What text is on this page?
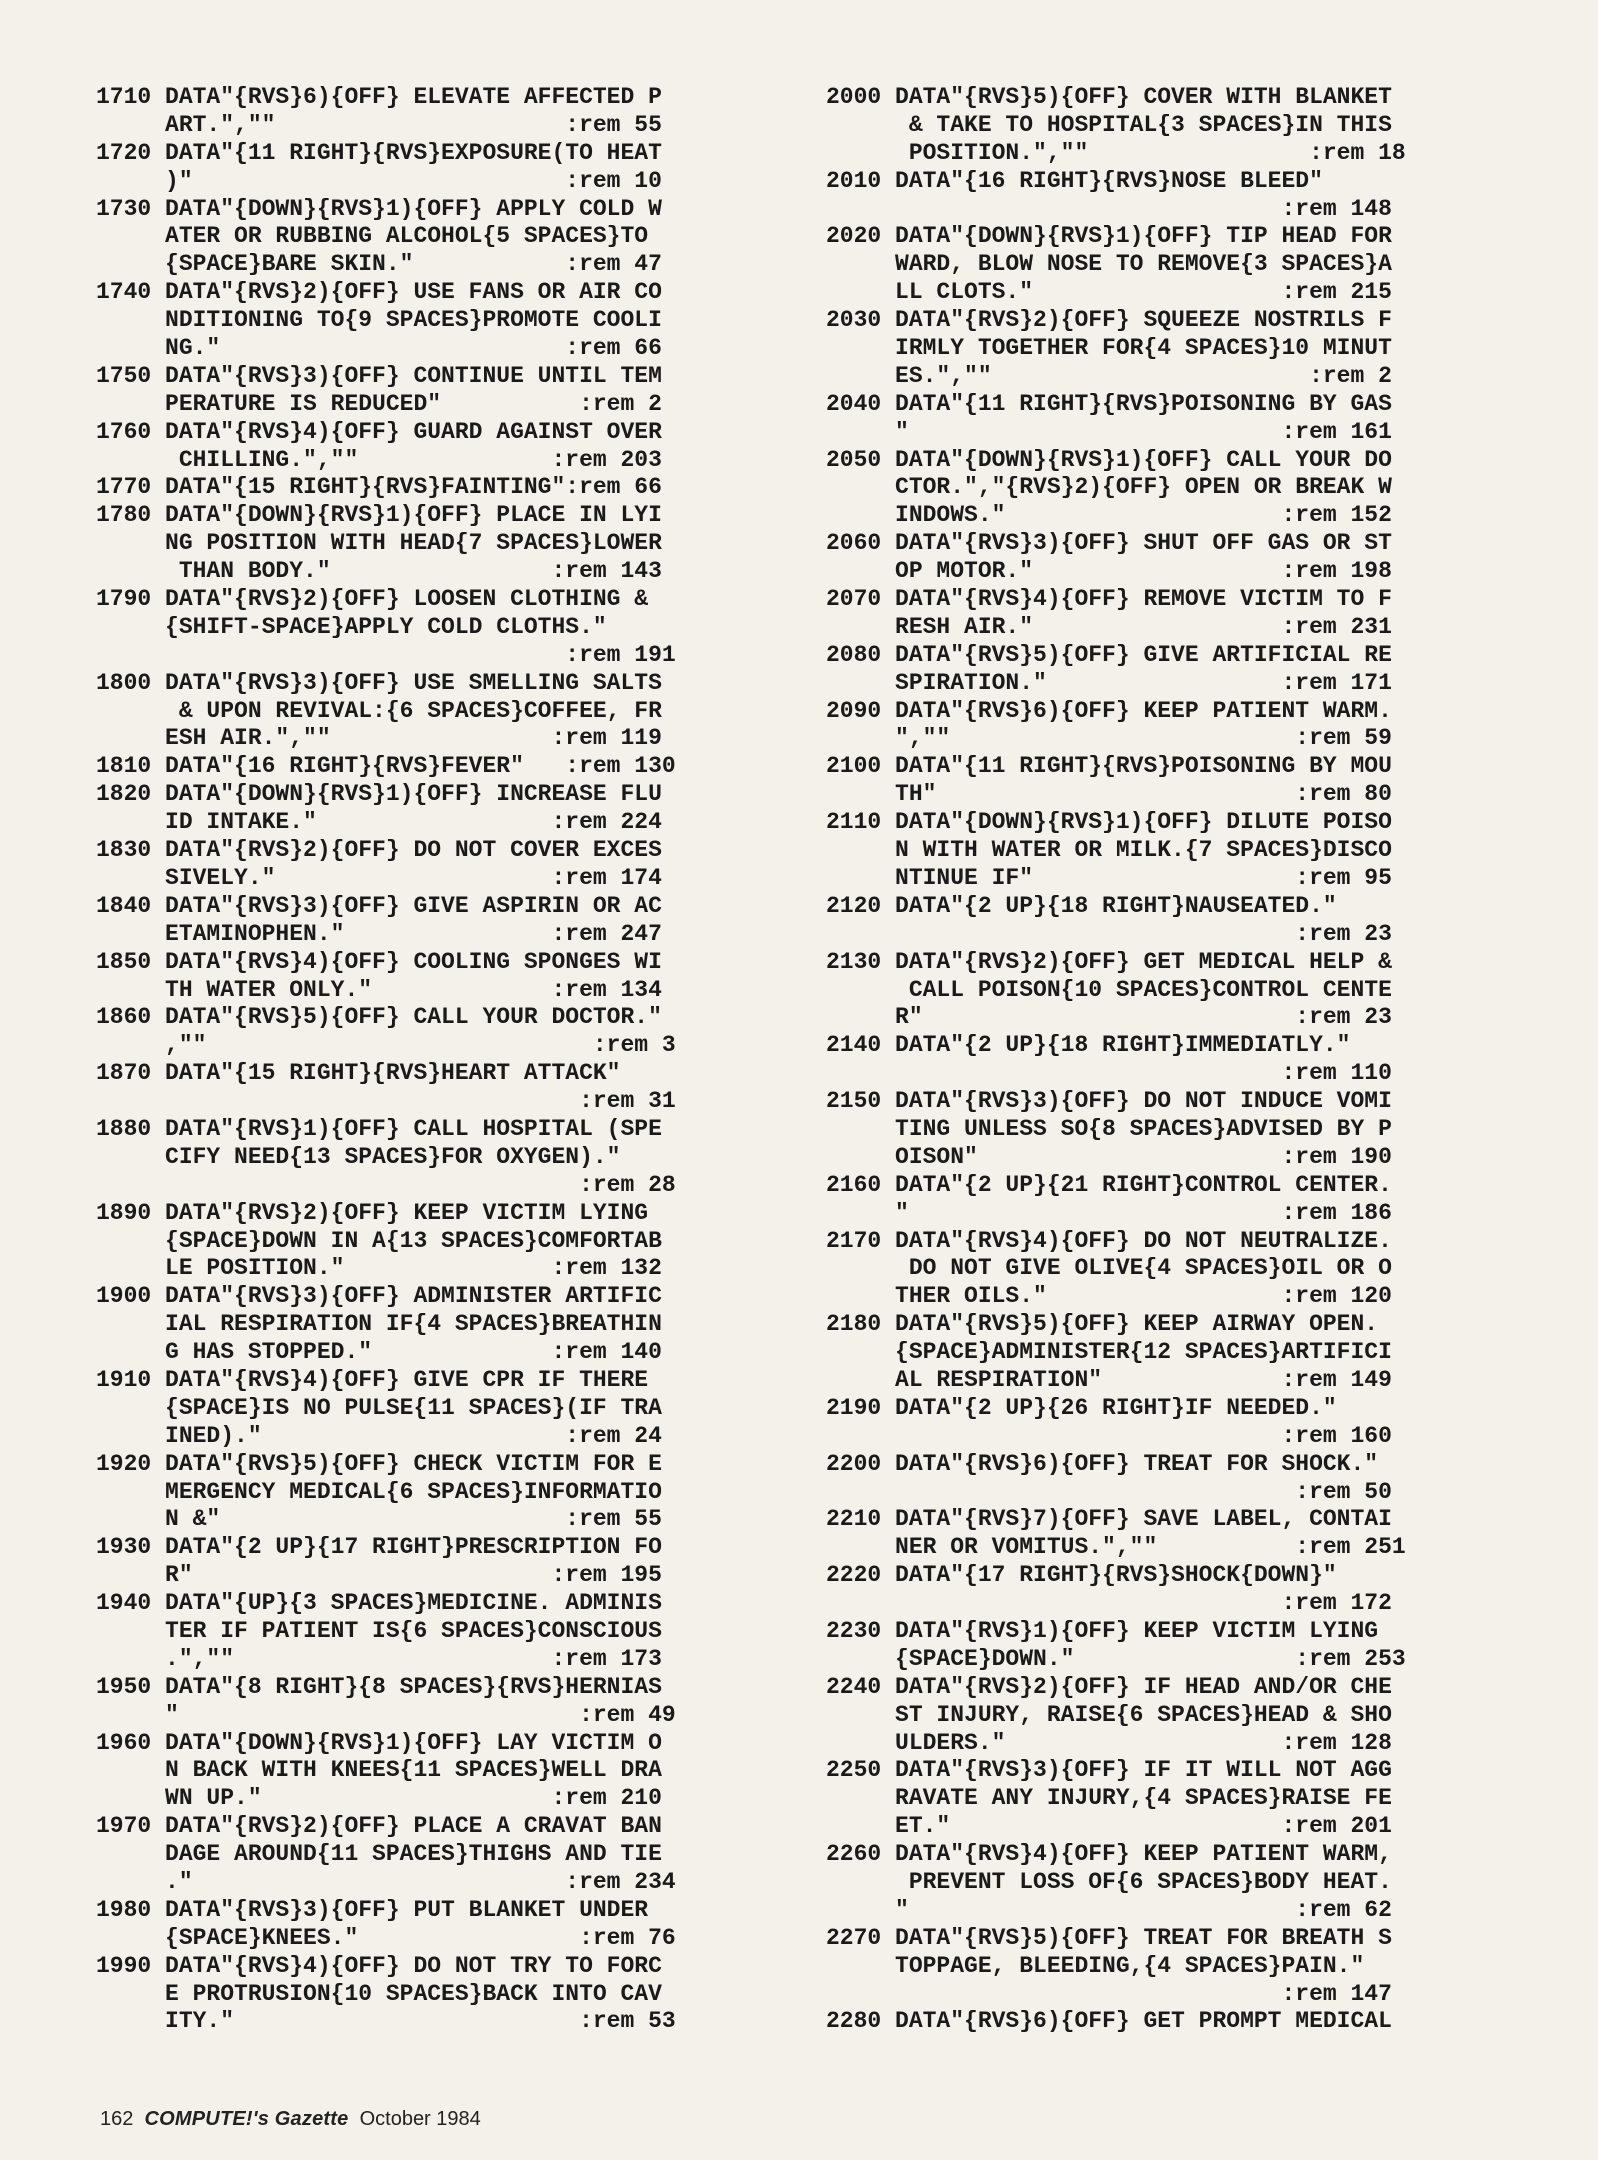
1710 DATA"{RVS}6){OFF} ELEVATE AFFECTED P
ART.",""                     :rem 55
1720 DATA"{11 RIGHT}{RVS}EXPOSURE(TO HEAT
)"                           :rem 10
1730 DATA"{DOWN}{RVS}1){OFF} APPLY COLD W
ATER OR RUBBING ALCOHOL{5 SPACES}TO
{SPACE}BARE SKIN."           :rem 47
1740 DATA"{RVS}2){OFF} USE FANS OR AIR CO
NDITIONING TO{9 SPACES}PROMOTE COOLI
NG."                         :rem 66
1750 DATA"{RVS}3){OFF} CONTINUE UNTIL TEM
PERATURE IS REDUCED"          :rem 2
1760 DATA"{RVS}4){OFF} GUARD AGAINST OVER
CHILLING.",""              :rem 203
1770 DATA"{15 RIGHT}{RVS}FAINTING":rem 66
1780 DATA"{DOWN}{RVS}1){OFF} PLACE IN LYI
NG POSITION WITH HEAD{7 SPACES}LOWER
THAN BODY."                :rem 143
1790 DATA"{RVS}2){OFF} LOOSEN CLOTHING &
{SHIFT-SPACE}APPLY COLD CLOTHS."
:rem 191
1800 DATA"{RVS}3){OFF} USE SMELLING SALTS
& UPON REVIVAL:{6 SPACES}COFFEE, FR
ESH AIR.",""                :rem 119
1810 DATA"{16 RIGHT}{RVS}FEVER"   :rem 130
1820 DATA"{DOWN}{RVS}1){OFF} INCREASE FLU
ID INTAKE."                 :rem 224
1830 DATA"{RVS}2){OFF} DO NOT COVER EXCES
SIVELY."                    :rem 174
1840 DATA"{RVS}3){OFF} GIVE ASPIRIN OR AC
ETAMINOPHEN."               :rem 247
1850 DATA"{RVS}4){OFF} COOLING SPONGES WI
TH WATER ONLY."             :rem 134
1860 DATA"{RVS}5){OFF} CALL YOUR DOCTOR."
,""                            :rem 3
1870 DATA"{15 RIGHT}{RVS}HEART ATTACK"
:rem 31
1880 DATA"{RVS}1){OFF} CALL HOSPITAL (SPE
CIFY NEED{13 SPACES}FOR OXYGEN)."
:rem 28
1890 DATA"{RVS}2){OFF} KEEP VICTIM LYING
{SPACE}DOWN IN A{13 SPACES}COMFORTAB
LE POSITION."               :rem 132
1900 DATA"{RVS}3){OFF} ADMINISTER ARTIFIC
IAL RESPIRATION IF{4 SPACES}BREATHIN
G HAS STOPPED."             :rem 140
1910 DATA"{RVS}4){OFF} GIVE CPR IF THERE
{SPACE}IS NO PULSE{11 SPACES}(IF TRA
INED)."                      :rem 24
1920 DATA"{RVS}5){OFF} CHECK VICTIM FOR E
MERGENCY MEDICAL{6 SPACES}INFORMATIO
N &"                         :rem 55
1930 DATA"{2 UP}{17 RIGHT}PRESCRIPTION FO
R"                          :rem 195
1940 DATA"{UP}{3 SPACES}MEDICINE. ADMINIS
TER IF PATIENT IS{6 SPACES}CONSCIOUS
.",""                       :rem 173
1950 DATA"{8 RIGHT}{8 SPACES}{RVS}HERNIAS
"                             :rem 49
1960 DATA"{DOWN}{RVS}1){OFF} LAY VICTIM O
N BACK WITH KNEES{11 SPACES}WELL DRA
WN UP."                     :rem 210
1970 DATA"{RVS}2){OFF} PLACE A CRAVAT BAN
DAGE AROUND{11 SPACES}THIGHS AND TIE
."                           :rem 234
1980 DATA"{RVS}3){OFF} PUT BLANKET UNDER
{SPACE}KNEES."                :rem 76
1990 DATA"{RVS}4){OFF} DO NOT TRY TO FORC
E PROTRUSION{10 SPACES}BACK INTO CAV
ITY."                         :rem 53
2000 DATA"{RVS}5){OFF} COVER WITH BLANKET
& TAKE TO HOSPITAL{3 SPACES}IN THIS
POSITION.",""                :rem 18
2010 DATA"{16 RIGHT}{RVS}NOSE BLEED"
:rem 148
2020 DATA"{DOWN}{RVS}1){OFF} TIP HEAD FOR
WARD, BLOW NOSE TO REMOVE{3 SPACES}A
LL CLOTS."                  :rem 215
2030 DATA"{RVS}2){OFF} SQUEEZE NOSTRILS F
IRMLY TOGETHER FOR{4 SPACES}10 MINUT
ES.",""                       :rem 2
2040 DATA"{11 RIGHT}{RVS}POISONING BY GAS
"                           :rem 161
2050 DATA"{DOWN}{RVS}1){OFF} CALL YOUR DO
CTOR.","{RVS}2){OFF} OPEN OR BREAK W
INDOWS."                    :rem 152
2060 DATA"{RVS}3){OFF} SHUT OFF GAS OR ST
OP MOTOR."                  :rem 198
2070 DATA"{RVS}4){OFF} REMOVE VICTIM TO F
RESH AIR."                  :rem 231
2080 DATA"{RVS}5){OFF} GIVE ARTIFICIAL RE
SPIRATION."                 :rem 171
2090 DATA"{RVS}6){OFF} KEEP PATIENT WARM.
",""                         :rem 59
2100 DATA"{11 RIGHT}{RVS}POISONING BY MOU
TH"                          :rem 80
2110 DATA"{DOWN}{RVS}1){OFF} DILUTE POISO
N WITH WATER OR MILK.{7 SPACES}DISCO
NTINUE IF"                   :rem 95
2120 DATA"{2 UP}{18 RIGHT}NAUSEATED."
:rem 23
2130 DATA"{RVS}2){OFF} GET MEDICAL HELP &
CALL POISON{10 SPACES}CONTROL CENTE
R"                           :rem 23
2140 DATA"{2 UP}{18 RIGHT}IMMEDIATLY."
:rem 110
2150 DATA"{RVS}3){OFF} DO NOT INDUCE VOMI
TING UNLESS SO{8 SPACES}ADVISED BY P
OISON"                      :rem 190
2160 DATA"{2 UP}{21 RIGHT}CONTROL CENTER.
"                           :rem 186
2170 DATA"{RVS}4){OFF} DO NOT NEUTRALIZE.
DO NOT GIVE OLIVE{4 SPACES}OIL OR O
THER OILS."                 :rem 120
2180 DATA"{RVS}5){OFF} KEEP AIRWAY OPEN.
{SPACE}ADMINISTER{12 SPACES}ARTIFICI
AL RESPIRATION"             :rem 149
2190 DATA"{2 UP}{26 RIGHT}IF NEEDED."
:rem 160
2200 DATA"{RVS}6){OFF} TREAT FOR SHOCK."
:rem 50
2210 DATA"{RVS}7){OFF} SAVE LABEL, CONTAI
NER OR VOMITUS.",""          :rem 251
2220 DATA"{17 RIGHT}{RVS}SHOCK{DOWN}"
:rem 172
2230 DATA"{RVS}1){OFF} KEEP VICTIM LYING
{SPACE}DOWN."                :rem 253
2240 DATA"{RVS}2){OFF} IF HEAD AND/OR CHE
ST INJURY, RAISE{6 SPACES}HEAD & SHO
ULDERS."                    :rem 128
2250 DATA"{RVS}3){OFF} IF IT WILL NOT AGG
RAVATE ANY INJURY,{4 SPACES}RAISE FE
ET."                        :rem 201
2260 DATA"{RVS}4){OFF} KEEP PATIENT WARM,
PREVENT LOSS OF{6 SPACES}BODY HEAT.
"                            :rem 62
2270 DATA"{RVS}5){OFF} TREAT FOR BREATH S
TOPPAGE, BLEEDING,{4 SPACES}PAIN."
:rem 147
2280 DATA"{RVS}6){OFF} GET PROMPT MEDICAL
162 COMPUTE!'s Gazette October 1984
